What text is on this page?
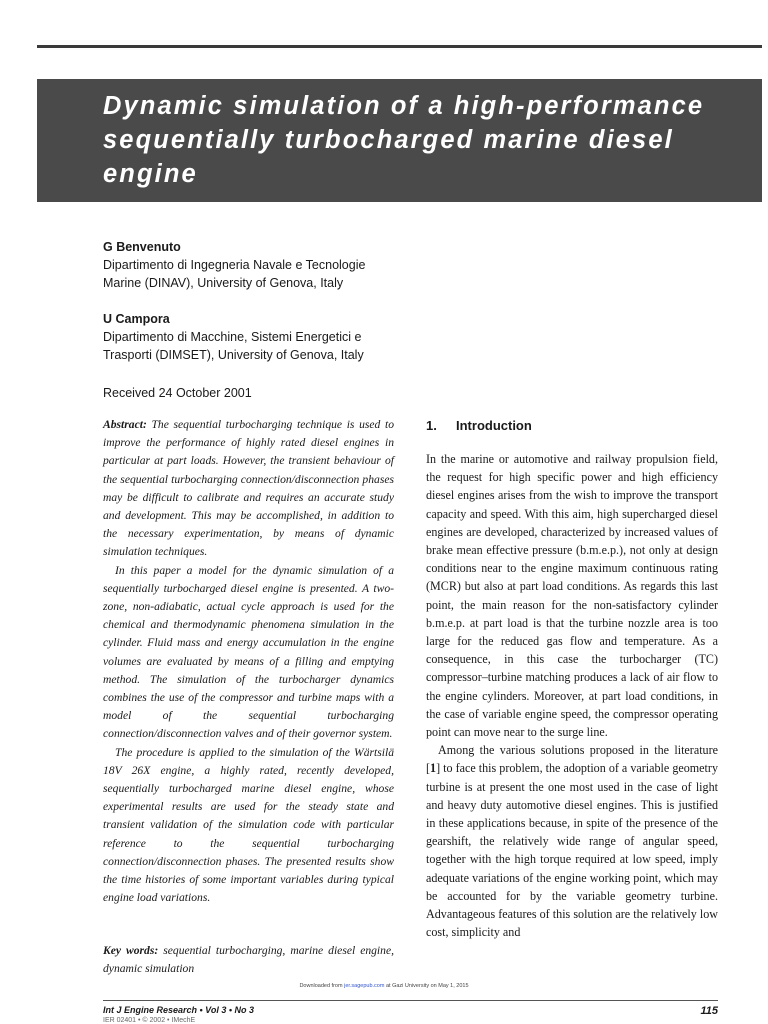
Dynamic simulation of a high-performance sequentially turbocharged marine diesel engine
G Benvenuto
Dipartimento di Ingegneria Navale e Tecnologie
Marine (DINAV), University of Genova, Italy
U Campora
Dipartimento di Macchine, Sistemi Energetici e
Trasporti (DIMSET), University of Genova, Italy
Received 24 October 2001

Abstract: The sequential turbocharging technique is used to improve the performance of highly rated diesel engines in particular at part loads. However, the transient behaviour of the sequential turbocharging connection/disconnection phases may be difficult to calibrate and requires an accurate study and development. This may be accomplished, in addition to the necessary experimentation, by means of dynamic simulation techniques.

In this paper a model for the dynamic simulation of a sequentially turbocharged diesel engine is presented. A two-zone, non-adiabatic, actual cycle approach is used for the chemical and thermodynamic phenomena simulation in the cylinder. Fluid mass and energy accumulation in the engine volumes are evaluated by means of a filling and emptying method. The simulation of the turbocharger dynamics combines the use of the compressor and turbine maps with a model of the sequential turbocharging connection/disconnection valves and of their governor system.

The procedure is applied to the simulation of the Wärtsilä 18V 26X engine, a highly rated, recently developed, sequentially turbocharged marine diesel engine, whose experimental results are used for the steady state and transient validation of the simulation code with particular reference to the sequential turbocharging connection/disconnection phases. The presented results show the time histories of some important variables during typical engine load variations.

Key words: sequential turbocharging, marine diesel engine, dynamic simulation
1. Introduction

In the marine or automotive and railway propulsion field, the request for high specific power and high efficiency diesel engines arises from the wish to improve the transport capacity and speed. With this aim, high supercharged diesel engines are developed, characterized by increased values of brake mean effective pressure (b.m.e.p.), not only at design conditions near to the engine maximum continuous rating (MCR) but also at part load conditions. As regards this last point, the main reason for the non-satisfactory cylinder b.m.e.p. at part load is that the turbine nozzle area is too large for the reduced gas flow and temperature. As a consequence, in this case the turbocharger (TC) compressor–turbine matching produces a lack of air flow to the engine cylinders. Moreover, at part load conditions, in the case of variable engine speed, the compressor operating point can move near to the surge line.

Among the various solutions proposed in the literature [1] to face this problem, the adoption of a variable geometry turbine is at present the one most used in the case of light and heavy duty automotive diesel engines. This is justified in these applications because, in spite of the presence of the gearshift, the relatively wide range of angular speed, together with the high torque required at low speed, imply adequate variations of the engine working point, which may be accounted for by the variable geometry turbine. Advantageous features of this solution are the relatively low cost, simplicity and

Downloaded from jer.sagepub.com at Gazi University on May 1, 2015
Int J Engine Research • Vol 3 • No 3
IER 02401 • © 2002 • IMechE
115
